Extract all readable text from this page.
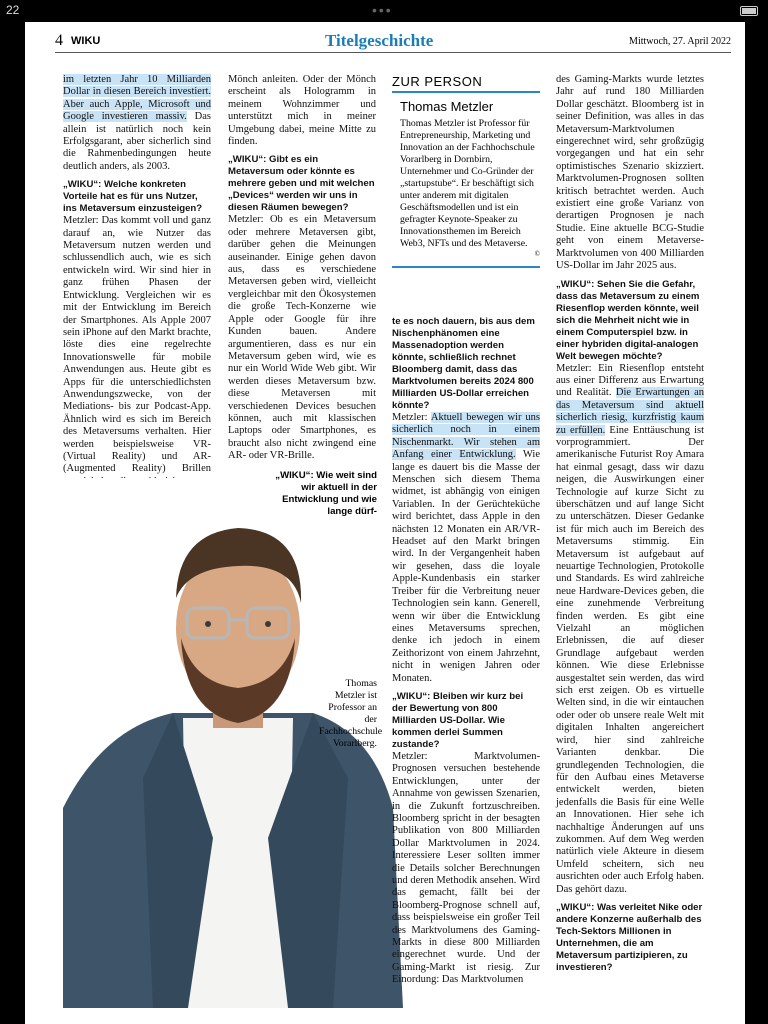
22	•••
4 WIKU	Titelgeschichte	Mittwoch, 27. April 2022

im letzten Jahr 10 Milliarden Dollar in diesen Bereich investiert. Aber auch Apple, Microsoft und Google investieren massiv. Das allein ist natürlich noch kein Erfolgsgarant, aber sicherlich sind die Rahmenbedingungen heute deutlich anders, als 2003.

„WIKU“: Welche konkreten Vorteile hat es für uns Nutzer, ins Metaversum einzusteigen?

Metzler: Das kommt voll und ganz darauf an, wie Nutzer das Metaversum nutzen werden und schlussendlich auch, wie es sich entwickeln wird. Wir sind hier in ganz frühen Phasen der Entwicklung. Vergleichen wir es mit der Entwicklung im Bereich der Smartphones. Als Apple 2007 sein iPhone auf den Markt brachte, löste dies eine regelrechte Innovationswelle für mobile Anwendungen aus. Heute gibt es Apps für die unterschiedlichsten Anwendungszwecke, von der Mediations- bis zur Podcast-App. Ähnlich wird es sich im Bereich des Metaversums verhalten. Hier werden beispielsweise VR- (Virtual Reality) und AR- (Augmented Reality) Brillen

Mönch anleiten. Oder der Mönch erscheint als Hologramm in meinem Wohnzimmer und unterstützt mich in meiner Umgebung dabei, meine Mitte zu finden.

„WIKU“: Gibt es ein Metaversum oder könnte es mehrere geben und mit welchen „Devices“ werden wir uns in diesen Räumen bewegen?

Metzler: Ob es ein Metaversum oder mehrere Metaversen gibt, darüber gehen die Meinungen auseinander. Einige gehen davon aus, dass es verschiedene Metaversen geben wird, vielleicht vergleichbar mit den Ökosystemen die große Tech-Konzerne wie Apple oder Google für ihre Kunden bauen. Andere argumentieren, dass es nur ein Metaversum geben wird, wie es nur ein World Wide Web gibt. Wir werden dieses Metaversum bzw. diese Metaversen mit verschiedenen Devices besuchen können, auch mit klassischen Laptops oder Smartphones, es braucht also nicht zwingend eine AR- oder VR-Brille.

„WIKU“: Wie weit sind wir aktuell in der Entwicklung und wie lange dürf-
Thomas Metzler ist Professor an der Fachhochschule Vorarlberg.
ZUR PERSON
Thomas Metzler
Thomas Metzler ist Professor für Entrepreneurship, Marketing und Innovation an der Fachhochschule Vorarlberg in Dornbirn, Unternehmer und Co-Gründer der „startupstube“. Er beschäftigt sich unter anderem mit digitalen Geschäftsmodellen und ist ein gefragter Keynote-Speaker zu Innovationsthemen im Bereich Web3, NFTs und des Metaverse.
©
te es noch dauern, bis aus dem Nischenphänomen eine Massenadoption werden könnte, schließlich rechnet Bloomberg damit, dass das Marktvolumen bereits 2024 800 Milliarden US-Dollar erreichen könnte?

Metzler: Aktuell bewegen wir uns sicherlich noch in einem Nischenmarkt. Wir stehen am Anfang einer Entwicklung. Wie lange es dauert bis die Masse der Menschen sich diesem Thema widmet, ist abhängig von einigen Variablen. In der Gerüchteküche wird berichtet, dass Apple in den nächsten 12 Monaten ein AR/VR-Headset auf den Markt bringen wird. In der Vergangenheit haben wir gesehen, dass die loyale Apple-Kundenbasis ein starker Treiber für die Verbreitung neuer Technologien sein kann. Generell, wenn wir über die Entwicklung eines Metaversums sprechen, denke ich jedoch in einem Zeithorizont von einem Jahrzehnt, nicht in wenigen Jahren oder Monaten.

„WIKU“: Bleiben wir kurz bei der Bewertung von 800 Milliarden US-Dollar. Wie kommen derlei Summen zustande?

Metzler: Marktvolumen-Prognosen versuchen bestehende Entwicklungen, unter der Annahme von gewissen Szenarien, in die Zukunft fortzuschreiben. Bloomberg spricht in der besagten Publikation von 800 Milliarden Dollar Marktvolumen in 2024. Interessiere Leser sollten immer die Details solcher Berechnungen und deren Methodik ansehen. Wird das gemacht, fällt bei der Bloomberg-Prognose schnell auf, dass beispielsweise ein großer Teil des Marktvolumens des Gaming-Markts in diese 800 Milliarden eingerechnet wurde. Und der Gaming-Markt ist riesig. Zur Einordung: Das Marktvolumen

des Gaming-Markts wurde letztes Jahr auf rund 180 Milliarden Dollar geschätzt. Bloomberg ist in seiner Definition, was alles in das Metaversum-Marktvolumen eingerechnet wird, sehr großzügig vorgegangen und hat ein sehr optimistisches Szenario skizziert. Marktvolumen-Prognosen sollten kritisch betrachtet werden. Auch existiert eine große Varianz von derartigen Prognosen je nach Studie. Eine aktuelle BCG-Studie geht von einem Metaverse-Marktvolumen von 400 Milliarden US-Dollar im Jahr 2025 aus.

„WIKU“: Sehen Sie die Gefahr, dass das Metaversum zu einem Riesenflop werden könnte, weil sich die Mehrheit nicht wie in einem Computerspiel bzw. in einer hybriden digital-analogen Welt bewegen möchte?

Metzler: Ein Riesenflop entsteht aus einer Differenz aus Erwartung und Realität. Die Erwartungen an das Metaversum sind aktuell sicherlich riesig, kurzfristig kaum zu erfüllen. Eine Enttäuschung ist vorprogrammiert. Der amerikanische Futurist Roy Amara hat einmal gesagt, dass wir dazu neigen, die Auswirkungen einer Technologie auf kurze Sicht zu überschätzen und auf lange Sicht zu unterschätzen. Dieser Gedanke ist für mich auch im Bereich des Metaversums stimmig. Ein Metaversum ist aufgebaut auf neuartige Technologien, Protokolle und Standards. Es wird zahlreiche neue Hardware-Devices geben, die eine zunehmende Verbreitung finden werden. Es gibt eine Vielzahl an möglichen Erlebnissen, die auf dieser Grundlage aufgebaut werden können. Wie diese Erlebnisse ausgestaltet sein werden, das wird sich erst zeigen. Ob es virtuelle Welten sind, in die wir eintauchen oder oder ob unsere reale Welt mit digitalen Inhalten angereichert wird, hier sind zahlreiche Varianten denkbar. Die grundlegenden Technologien, die für den Aufbau eines Metaverse entwickelt werden, bieten jedenfalls die Basis für eine Welle an Innovationen. Hier sehe ich nachhaltige Änderungen auf uns zukommen. Auf dem Weg werden natürlich viele Akteure in diesem Umfeld scheitern, sich neu ausrichten oder auch Erfolg haben. Das gehört dazu.

„WIKU“: Was verleitet Nike oder andere Konzerne außerhalb des Tech-Sektors Millionen in Unternehmen, die am Metaversum partizipieren, zu investieren?
